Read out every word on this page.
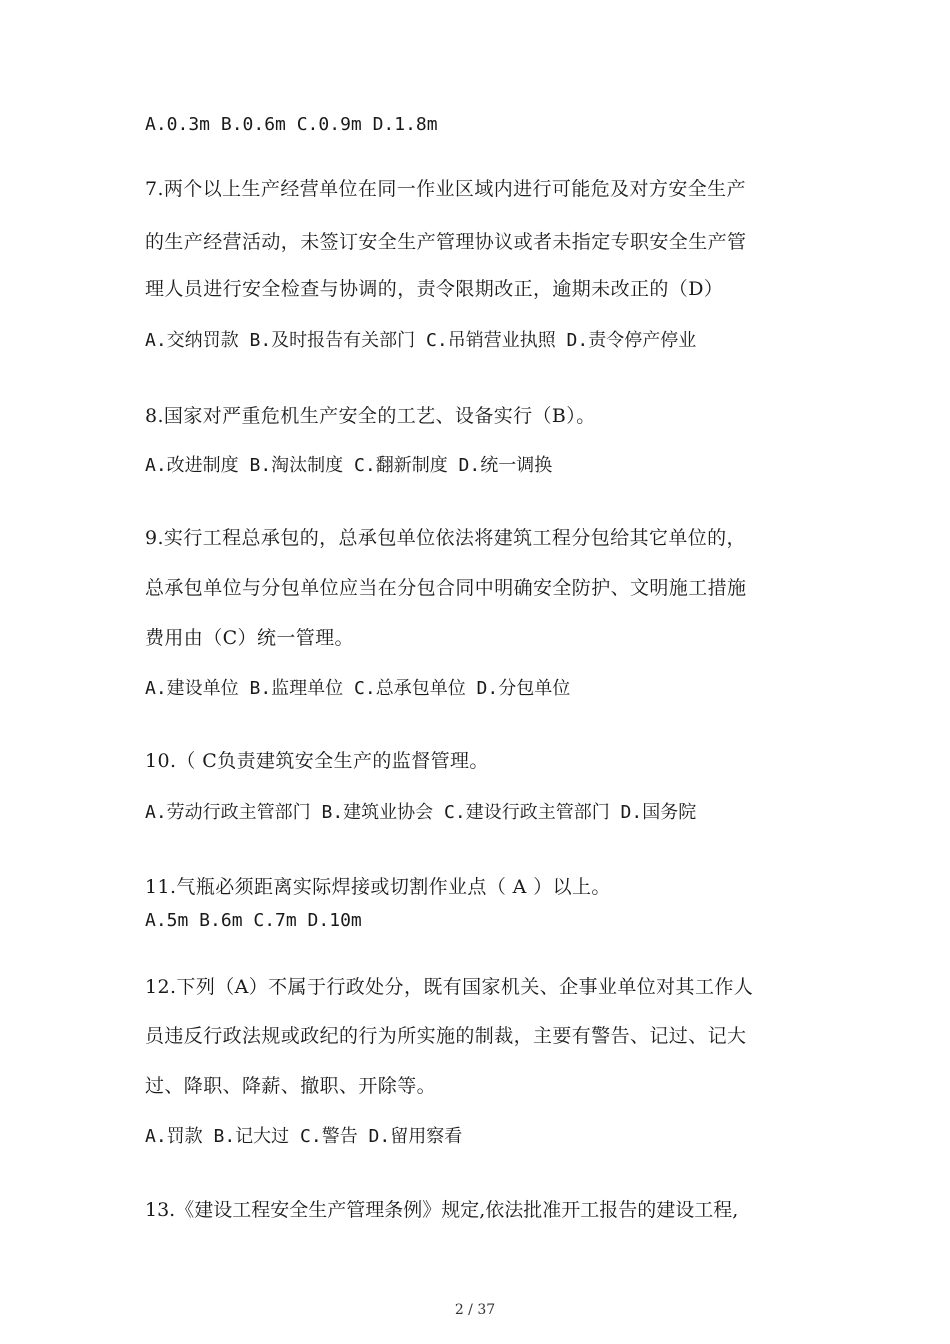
A.0.3m B.0.6m C.0.9m D.1.8m
7.两个以上生产经营单位在同一作业区域内进行可能危及对方安全生产
的生产经营活动，未签订安全生产管理协议或者未指定专职安全生产管
理人员进行安全检查与协调的，责令限期改正，逾期未改正的（D）
A.交纳罚款 B.及时报告有关部门 C.吊销营业执照 D.责令停产停业
8.国家对严重危机生产安全的工艺、设备实行（B）。
A.改进制度 B.淘汰制度 C.翻新制度 D.统一调换
9.实行工程总承包的，总承包单位依法将建筑工程分包给其它单位的，
总承包单位与分包单位应当在分包合同中明确安全防护、文明施工措施
费用由（C）统一管理。
A.建设单位 B.监理单位 C.总承包单位 D.分包单位
10.（ C负责建筑安全生产的监督管理。
A.劳动行政主管部门 B.建筑业协会 C.建设行政主管部门 D.国务院
11.气瓶必须距离实际焊接或切割作业点（ A ）以上。
A.5m B.6m C.7m D.10m
12.下列（A）不属于行政处分，既有国家机关、企事业单位对其工作人
员违反行政法规或政纪的行为所实施的制裁，主要有警告、记过、记大
过、降职、降薪、撤职、开除等。
A.罚款 B.记大过 C.警告 D.留用察看
13.《建设工程安全生产管理条例》规定,依法批准开工报告的建设工程,
2 / 37
